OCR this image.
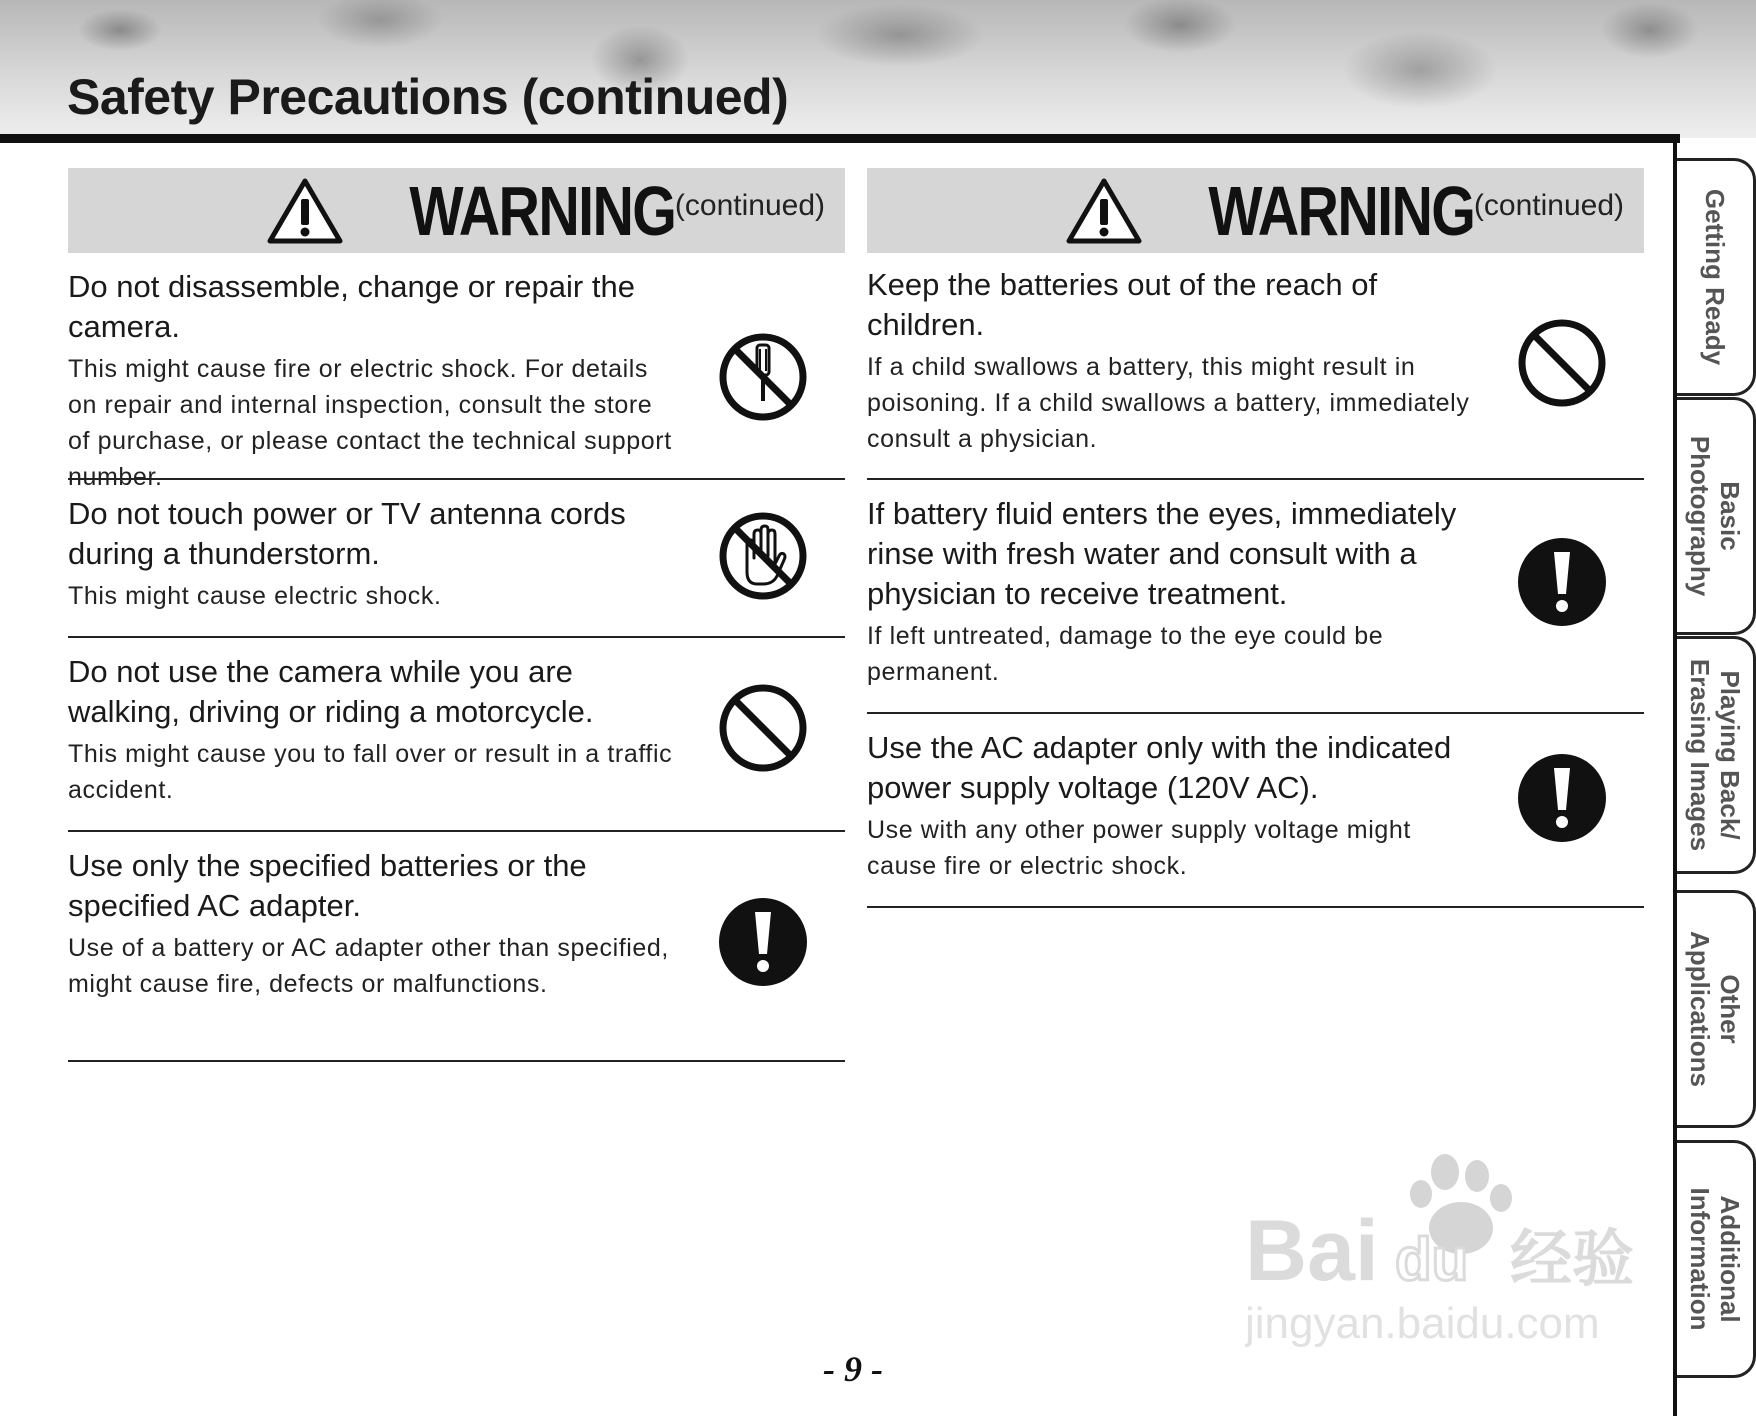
Safety Precautions (continued)
WARNING (continued)
Do not disassemble, change or repair the camera.
This might cause fire or electric shock. For details on repair and internal inspection, consult the store of purchase, or please contact the technical support number.
Do not touch power or TV antenna cords during a thunderstorm.
This might cause electric shock.
Do not use the camera while you are walking, driving or riding a motorcycle.
This might cause you to fall over or result in a traffic accident.
Use only the specified batteries or the specified AC adapter.
Use of a battery or AC adapter other than specified, might cause fire, defects or malfunctions.
WARNING (continued)
Keep the batteries out of the reach of children.
If a child swallows a battery, this might result in poisoning. If a child swallows a battery, immediately consult a physician.
If battery fluid enters the eyes, immediately rinse with fresh water and consult with a physician to receive treatment.
If left untreated, damage to the eye could be permanent.
Use the AC adapter only with the indicated power supply voltage (120V AC).
Use with any other power supply voltage might cause fire or electric shock.
Getting Ready
Basic
Photography
Playing Back/
Erasing Images
Other
Applications
Additional
Information
Bai du 经验
jingyan.baidu.com
- 9 -
